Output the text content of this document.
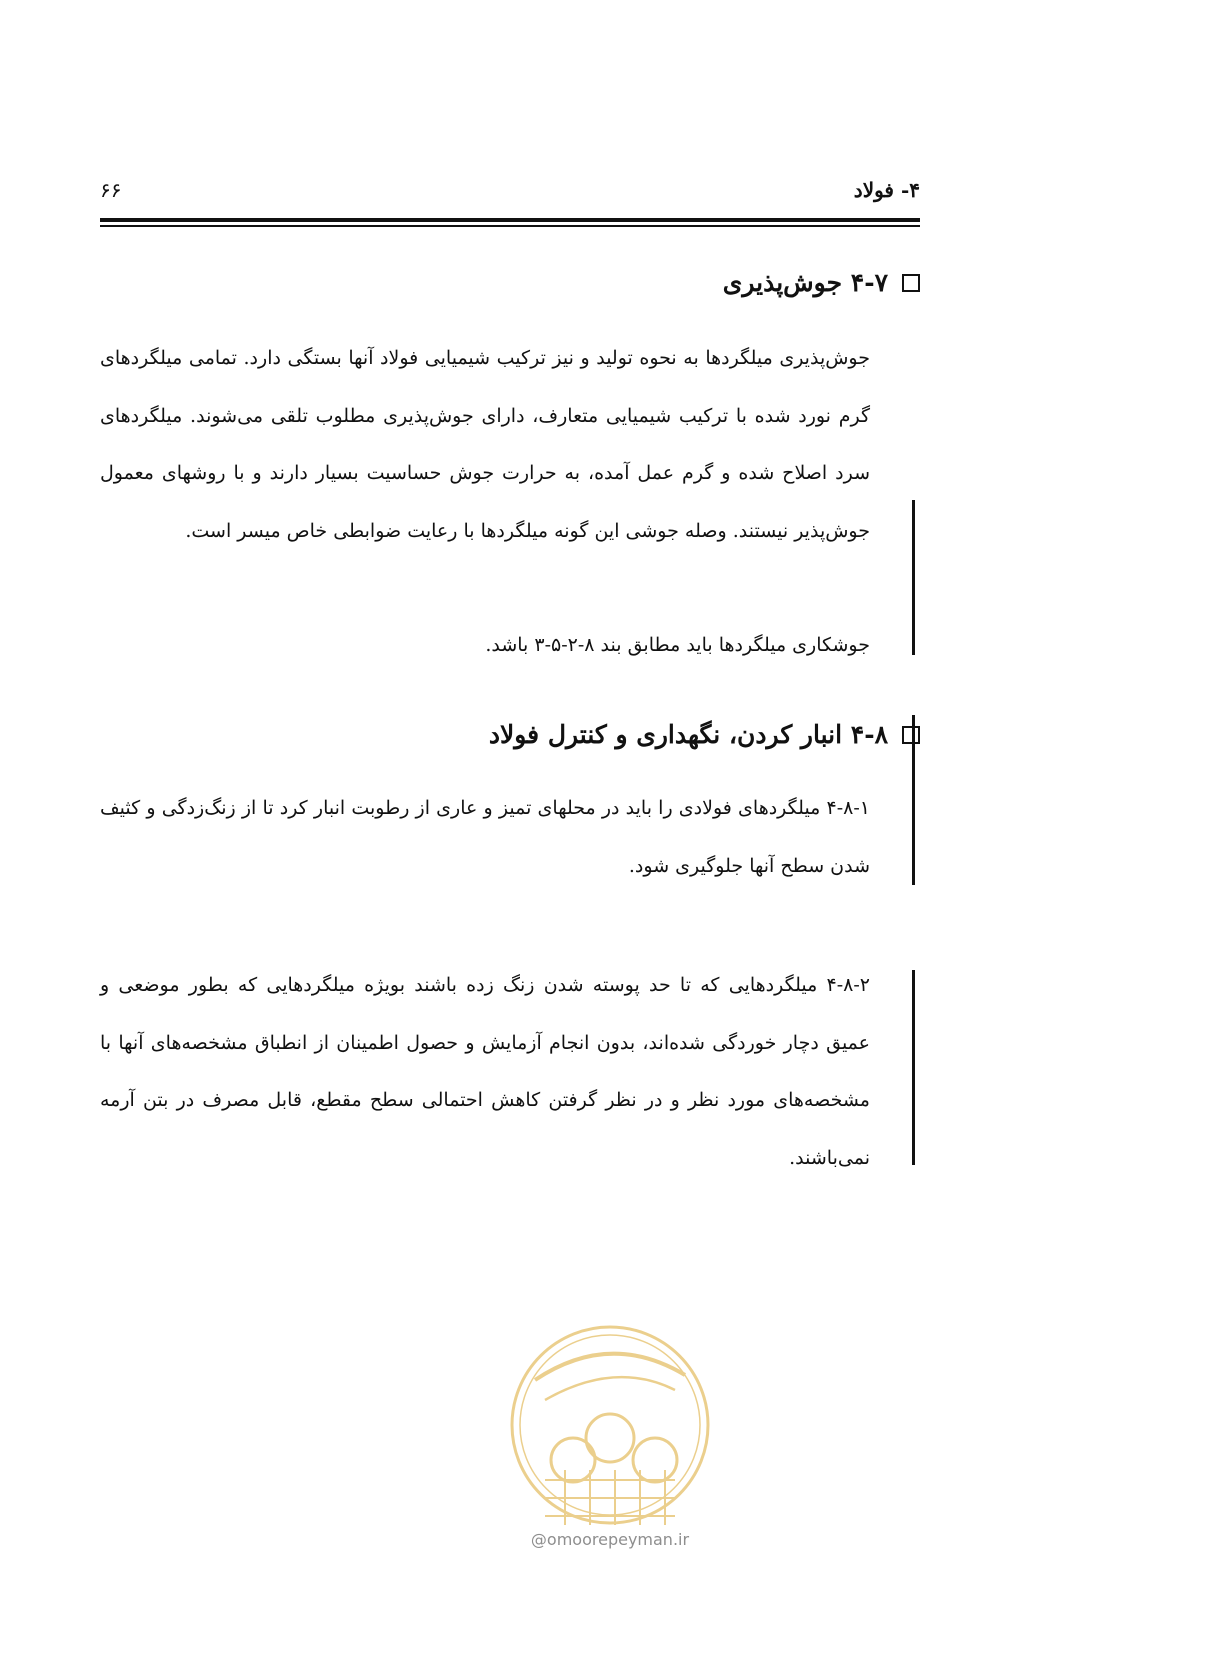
۴- فولاد
۶۶
۴-۷ جوش‌پذیری

جوش‌پذیری میلگردها به نحوه تولید و نیز ترکیب شیمیایی فولاد آنها بستگی دارد. تمامی میلگردهای گرم نورد شده با ترکیب شیمیایی متعارف، دارای جوش‌پذیری مطلوب تلقی می‌شوند. میلگردهای سرد اصلاح شده و گرم عمل آمده، به حرارت جوش حساسیت بسیار دارند و با روشهای معمول جوش‌پذیر نیستند. وصله جوشی این گونه میلگردها با رعایت ضوابطی خاص میسر است.

جوشکاری میلگردها باید مطابق بند ۸-۲-۵-۳ باشد.

۴-۸ انبار کردن، نگهداری و کنترل فولاد

۴-۸-۱ میلگردهای فولادی را باید در محلهای تمیز و عاری از رطوبت انبار کرد تا از زنگ‌زدگی و کثیف شدن سطح آنها جلوگیری شود.

۴-۸-۲ میلگردهایی که تا حد پوسته شدن زنگ زده باشند بویژه میلگردهایی که بطور موضعی و عمیق دچار خوردگی شده‌اند، بدون انجام آزمایش و حصول اطمینان از انطباق مشخصه‌های آنها با مشخصه‌های مورد نظر و در نظر گرفتن کاهش احتمالی سطح مقطع، قابل مصرف در بتن آرمه نمی‌باشند.

@omoorepeyman.ir
